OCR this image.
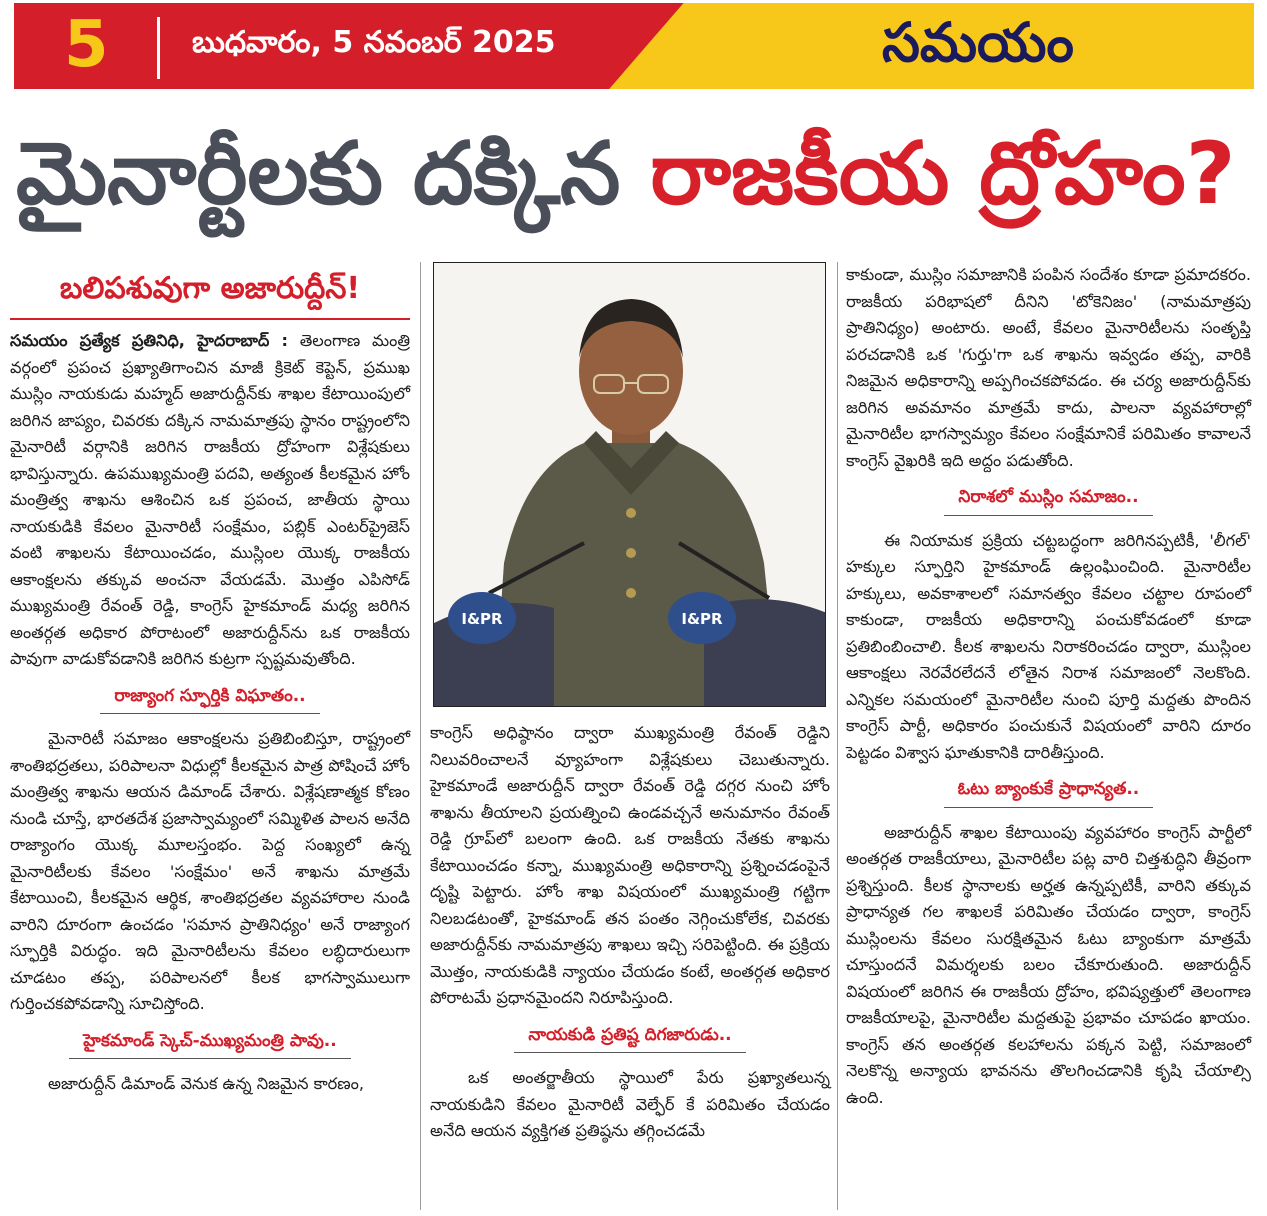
5	బుధవారం, 5 నవంబర్ 2025	సమయం
మైనార్టీలకు దక్కిన రాజకీయ ద్రోహం?
బలిపశువుగా అజారుద్దీన్!

సమయం ప్రత్యేక ప్రతినిధి, హైదరాబాద్ : తెలంగాణ మంత్రి వర్గంలో ప్రపంచ ప్రఖ్యాతిగాంచిన మాజీ క్రికెట్ కెప్టెన్, ప్రముఖ ముస్లిం నాయకుడు మహ్మద్ అజారుద్దీన్‌కు శాఖల కేటాయింపులో జరిగిన జాప్యం, చివరకు దక్కిన నామమాత్రపు స్థానం రాష్ట్రంలోని మైనారిటీ వర్గానికి జరిగిన రాజకీయ ద్రోహంగా విశ్లేషకులు భావిస్తున్నారు. ఉపముఖ్యమంత్రి పదవి, అత్యంత కీలకమైన హోం మంత్రిత్వ శాఖను ఆశించిన ఒక ప్రపంచ, జాతీయ స్థాయి నాయకుడికి కేవలం మైనారిటీ సంక్షేమం, పబ్లిక్ ఎంటర్‌ప్రైజెస్ వంటి శాఖలను కేటాయించడం, ముస్లింల యొక్క రాజకీయ ఆకాంక్షలను తక్కువ అంచనా వేయడమే. మొత్తం ఎపిసోడ్ ముఖ్యమంత్రి రేవంత్ రెడ్డి, కాంగ్రెస్ హైకమాండ్ మధ్య జరిగిన అంతర్గత అధికార పోరాటంలో అజారుద్దీన్‌ను ఒక రాజకీయ పావుగా వాడుకోవడానికి జరిగిన కుట్రగా స్పష్టమవుతోంది.

రాజ్యాంగ స్ఫూర్తికి విఘాతం..

మైనారిటీ సమాజం ఆకాంక్షలను ప్రతిబింబిస్తూ, రాష్ట్రంలో శాంతిభద్రతలు, పరిపాలనా విధుల్లో కీలకమైన పాత్ర పోషించే హోం మంత్రిత్వ శాఖను ఆయన డిమాండ్ చేశారు. విశ్లేషణాత్మక కోణం నుండి చూస్తే, భారతదేశ ప్రజాస్వామ్యంలో సమ్మిళిత పాలన అనేది రాజ్యాంగం యొక్క మూలస్తంభం. పెద్ద సంఖ్యలో ఉన్న మైనారిటీలకు కేవలం 'సంక్షేమం' అనే శాఖను మాత్రమే కేటాయించి, కీలకమైన ఆర్థిక, శాంతిభద్రతల వ్యవహారాల నుండి వారిని దూరంగా ఉంచడం 'సమాన ప్రాతినిధ్యం' అనే రాజ్యాంగ స్ఫూర్తికి విరుద్ధం. ఇది మైనారిటీలను కేవలం లబ్ధిదారులుగా చూడటం తప్ప, పరిపాలనలో కీలక భాగస్వాములుగా గుర్తించకపోవడాన్ని సూచిస్తోంది.

హైకమాండ్ స్కెచ్-ముఖ్యమంత్రి పావు..

అజారుద్దీన్ డిమాండ్ వెనుక ఉన్న నిజమైన కారణం,

I&PR	I&PR

కాంగ్రెస్ అధిష్ఠానం ద్వారా ముఖ్యమంత్రి రేవంత్ రెడ్డిని నిలువరించాలనే వ్యూహంగా విశ్లేషకులు చెబుతున్నారు. హైకమాండే అజారుద్దీన్ ద్వారా రేవంత్ రెడ్డి దగ్గర నుంచి హోం శాఖను తీయాలని ప్రయత్నించి ఉండవచ్చనే అనుమానం రేవంత్ రెడ్డి గ్రూప్‌లో బలంగా ఉంది. ఒక రాజకీయ నేతకు శాఖను కేటాయించడం కన్నా, ముఖ్యమంత్రి అధికారాన్ని ప్రశ్నించడంపైనే దృష్టి పెట్టారు. హోం శాఖ విషయంలో ముఖ్యమంత్రి గట్టిగా నిలబడటంతో, హైకమాండ్ తన పంతం నెగ్గించుకోలేక, చివరకు అజారుద్దీన్‌కు నామమాత్రపు శాఖలు ఇచ్చి సరిపెట్టింది. ఈ ప్రక్రియ మొత్తం, నాయకుడికి న్యాయం చేయడం కంటే, అంతర్గత అధికార పోరాటమే ప్రధానమైందని నిరూపిస్తుంది.

నాయకుడి ప్రతిష్ట దిగజారుడు..

ఒక అంతర్జాతీయ స్థాయిలో పేరు ప్రఖ్యాతలున్న నాయకుడిని కేవలం మైనారిటీ వెల్ఫేర్ కే పరిమితం చేయడం అనేది ఆయన వ్యక్తిగత ప్రతిష్ఠను తగ్గించడమే

కాకుండా, ముస్లిం సమాజానికి పంపిన సందేశం కూడా ప్రమాదకరం. రాజకీయ పరిభాషలో దీనిని 'టోకెనిజం' (నామమాత్రపు ప్రాతినిధ్యం) అంటారు. అంటే, కేవలం మైనారిటీలను సంతృప్తి పరచడానికి ఒక 'గుర్తు'గా ఒక శాఖను ఇవ్వడం తప్ప, వారికి నిజమైన అధికారాన్ని అప్పగించకపోవడం. ఈ చర్య అజారుద్దీన్‌కు జరిగిన అవమానం మాత్రమే కాదు, పాలనా వ్యవహారాల్లో మైనారిటీల భాగస్వామ్యం కేవలం సంక్షేమానికే పరిమితం కావాలనే కాంగ్రెస్ వైఖరికి ఇది అద్దం పడుతోంది.

నిరాశలో ముస్లిం సమాజం..

ఈ నియామక ప్రక్రియ చట్టబద్ధంగా జరిగినప్పటికీ, 'లీగల్' హక్కుల స్ఫూర్తిని హైకమాండ్ ఉల్లంఘించింది. మైనారిటీల హక్కులు, అవకాశాలలో సమానత్వం కేవలం చట్టాల రూపంలో కాకుండా, రాజకీయ అధికారాన్ని పంచుకోవడంలో కూడా ప్రతిబింబించాలి. కీలక శాఖలను నిరాకరించడం ద్వారా, ముస్లింల ఆకాంక్షలు నెరవేరలేదనే లోతైన నిరాశ సమాజంలో నెలకొంది. ఎన్నికల సమయంలో మైనారిటీల నుంచి పూర్తి మద్దతు పొందిన కాంగ్రెస్ పార్టీ, అధికారం పంచుకునే విషయంలో వారిని దూరం పెట్టడం విశ్వాస ఘాతుకానికి దారితీస్తుంది.

ఓటు బ్యాంకుకే ప్రాధాన్యత..

అజారుద్దీన్ శాఖల కేటాయింపు వ్యవహారం కాంగ్రెస్ పార్టీలో అంతర్గత రాజకీయాలు, మైనారిటీల పట్ల వారి చిత్తశుద్ధిని తీవ్రంగా ప్రశ్నిస్తుంది. కీలక స్థానాలకు అర్హత ఉన్నప్పటికీ, వారిని తక్కువ ప్రాధాన్యత గల శాఖలకే పరిమితం చేయడం ద్వారా, కాంగ్రెస్ ముస్లింలను కేవలం సురక్షితమైన ఓటు బ్యాంకుగా మాత్రమే చూస్తుందనే విమర్శలకు బలం చేకూరుతుంది. అజారుద్దీన్ విషయంలో జరిగిన ఈ రాజకీయ ద్రోహం, భవిష్యత్తులో తెలంగాణ రాజకీయాలపై, మైనారిటీల మద్దతుపై ప్రభావం చూపడం ఖాయం. కాంగ్రెస్ తన అంతర్గత కలహాలను పక్కన పెట్టి, సమాజంలో నెలకొన్న అన్యాయ భావనను తొలగించడానికి కృషి చేయాల్సి ఉంది.
